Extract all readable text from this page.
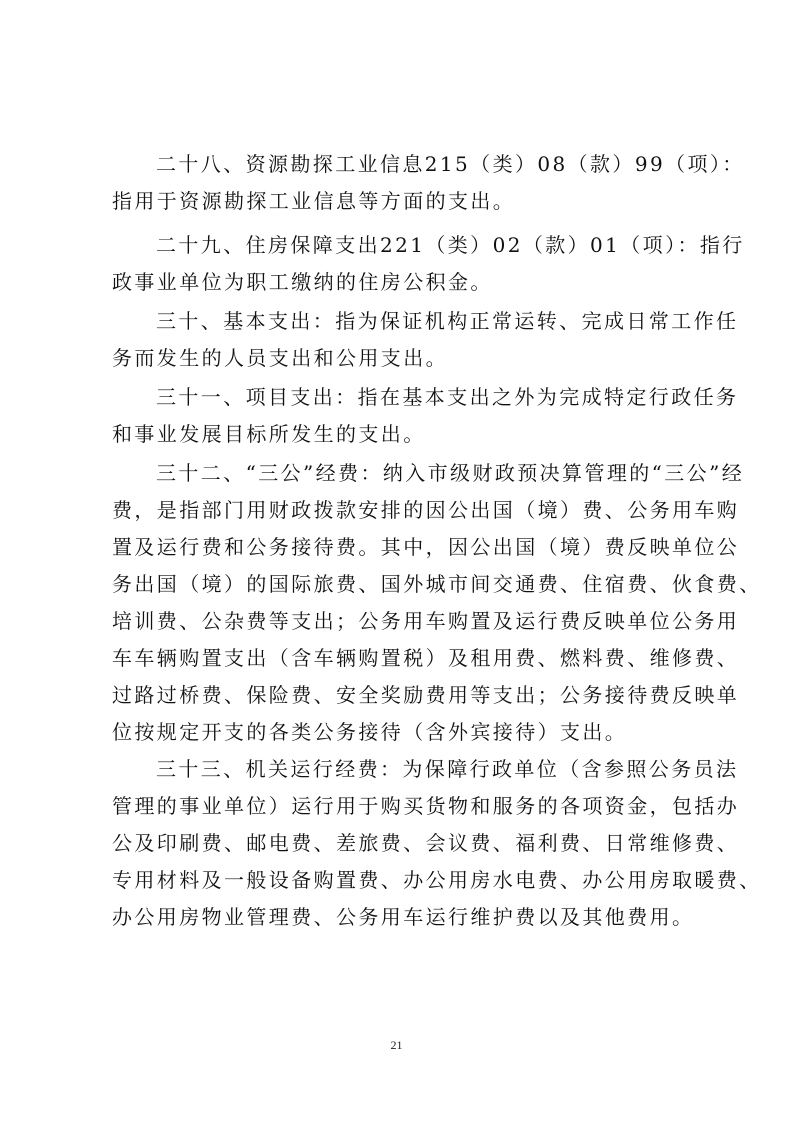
二十八、资源勘探工业信息215（类）08（款）99（项）：
指用于资源勘探工业信息等方面的支出。
二十九、住房保障支出221（类）02（款）01（项）：指行
政事业单位为职工缴纳的住房公积金。
三十、基本支出：指为保证机构正常运转、完成日常工作任
务而发生的人员支出和公用支出。
三十一、项目支出：指在基本支出之外为完成特定行政任务
和事业发展目标所发生的支出。
三十二、“三公”经费：纳入市级财政预决算管理的“三公”经
费，是指部门用财政拨款安排的因公出国（境）费、公务用车购
置及运行费和公务接待费。其中，因公出国（境）费反映单位公
务出国（境）的国际旅费、国外城市间交通费、住宿费、伙食费、
培训费、公杂费等支出；公务用车购置及运行费反映单位公务用
车车辆购置支出（含车辆购置税）及租用费、燃料费、维修费、
过路过桥费、保险费、安全奖励费用等支出；公务接待费反映单
位按规定开支的各类公务接待（含外宾接待）支出。
三十三、机关运行经费：为保障行政单位（含参照公务员法
管理的事业单位）运行用于购买货物和服务的各项资金，包括办
公及印刷费、邮电费、差旅费、会议费、福利费、日常维修费、
专用材料及一般设备购置费、办公用房水电费、办公用房取暖费、
办公用房物业管理费、公务用车运行维护费以及其他费用。
21
